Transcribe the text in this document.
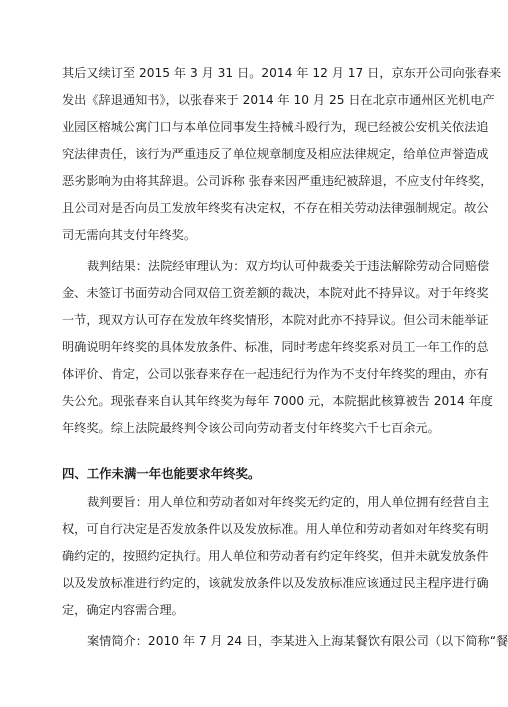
其后又续订至 2015 年 3 月 31 日。2014 年 12 月 17 日，京东开公司向张春来
发出《辞退通知书》，以张春来于 2014 年 10 月 25 日在北京市通州区光机电产
业园区榕城公寓门口与本单位同事发生持械斗殴行为，现已经被公安机关依法追
究法律责任，该行为严重违反了单位规章制度及相应法律规定，给单位声誉造成
恶劣影响为由将其辞退。公司诉称 张春来因严重违纪被辞退，不应支付年终奖，
且公司对是否向员工发放年终奖有决定权，不存在相关劳动法律强制规定。故公
司无需向其支付年终奖。
裁判结果：法院经审理认为：双方均认可仲裁委关于违法解除劳动合同赔偿
金、未签订书面劳动合同双倍工资差额的裁决，本院对此不持异议。对于年终奖
一节，现双方认可存在发放年终奖情形，本院对此亦不持异议。但公司未能举证
明确说明年终奖的具体发放条件、标准，同时考虑年终奖系对员工一年工作的总
体评价、肯定，公司以张春来存在一起违纪行为作为不支付年终奖的理由，亦有
失公允。现张春来自认其年终奖为每年 7000 元，本院据此核算被告 2014 年度
年终奖。综上法院最终判令该公司向劳动者支付年终奖六千七百余元。
四、工作未满一年也能要求年终奖。
裁判要旨：用人单位和劳动者如对年终奖无约定的，用人单位拥有经营自主
权，可自行决定是否发放条件以及发放标准。用人单位和劳动者如对年终奖有明
确约定的，按照约定执行。用人单位和劳动者有约定年终奖，但并未就发放条件
以及发放标准进行约定的，该就发放条件以及发放标准应该通过民主程序进行确
定，确定内容需合理。
案情简介：2010 年 7 月 24 日，李某进入上海某餐饮有限公司（以下简称“餐
